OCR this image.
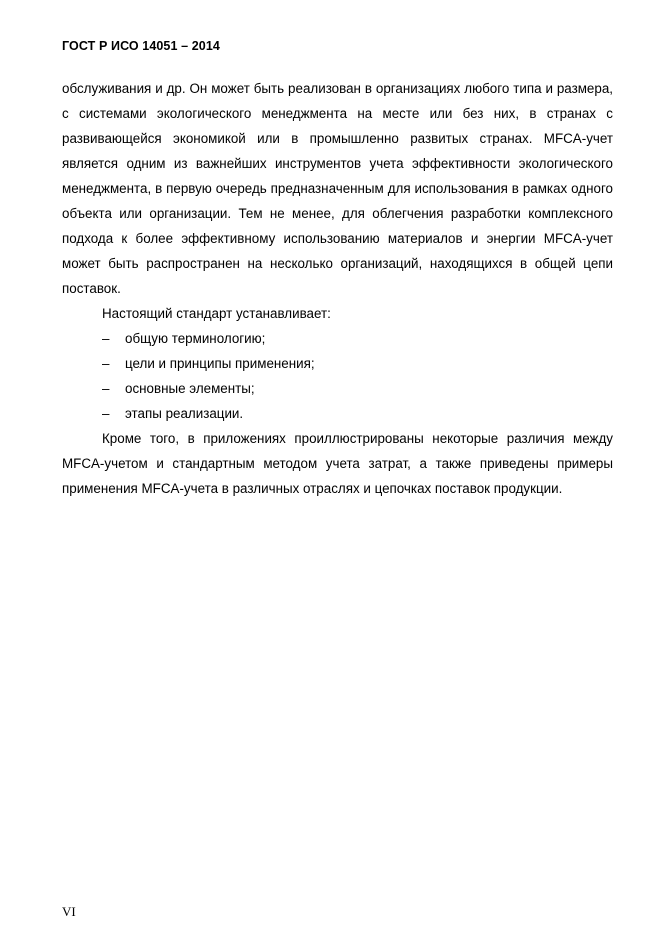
ГОСТ Р ИСО 14051 – 2014

обслуживания и др. Он может быть реализован в организациях любого типа и размера, с системами экологического менеджмента на месте или без них, в странах с развивающейся экономикой или в промышленно развитых странах. MFCA-учет является одним из важнейших инструментов учета эффективности экологического менеджмента, в первую очередь предназначенным для использования в рамках одного объекта или организации. Тем не менее, для облегчения разработки комплексного подхода к более эффективному использованию материалов и энергии MFCA-учет может быть распространен на несколько организаций, находящихся в общей цепи поставок.

Настоящий стандарт устанавливает:

– общую терминологию;
– цели и принципы применения;
– основные элементы;
– этапы реализации.

Кроме того, в приложениях проиллюстрированы некоторые различия между MFCA-учетом и стандартным методом учета затрат, а также приведены примеры применения MFCA-учета в различных отраслях и цепочках поставок продукции.

VI
